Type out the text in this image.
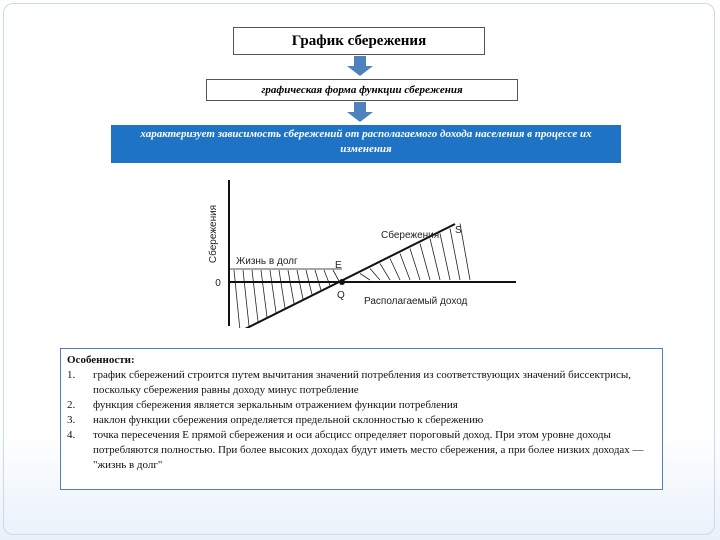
График сбережения
графическая форма функции сбережения
характеризует зависимость сбережений от располагаемого дохода населения в процессе их изменения
Сбережения
0
Жизнь в долг	E
Q
Сбережения S
Располагаемый доход
Особенности:
1. график сбережений строится путем вычитания значений потребления из соответствующих значений биссектрисы, поскольку сбережения равны доходу минус потребление
2. функция сбережения является зеркальным отражением функции потребления
3. наклон функции сбережения определяется предельной склонностью к сбережению
4. точка пересечения E прямой сбережения и оси абсцисс определяет пороговый доход. При этом уровне доходы потребляются полностью. При более высоких доходах будут иметь место сбережения, а при более низких доходах — "жизнь в долг"
